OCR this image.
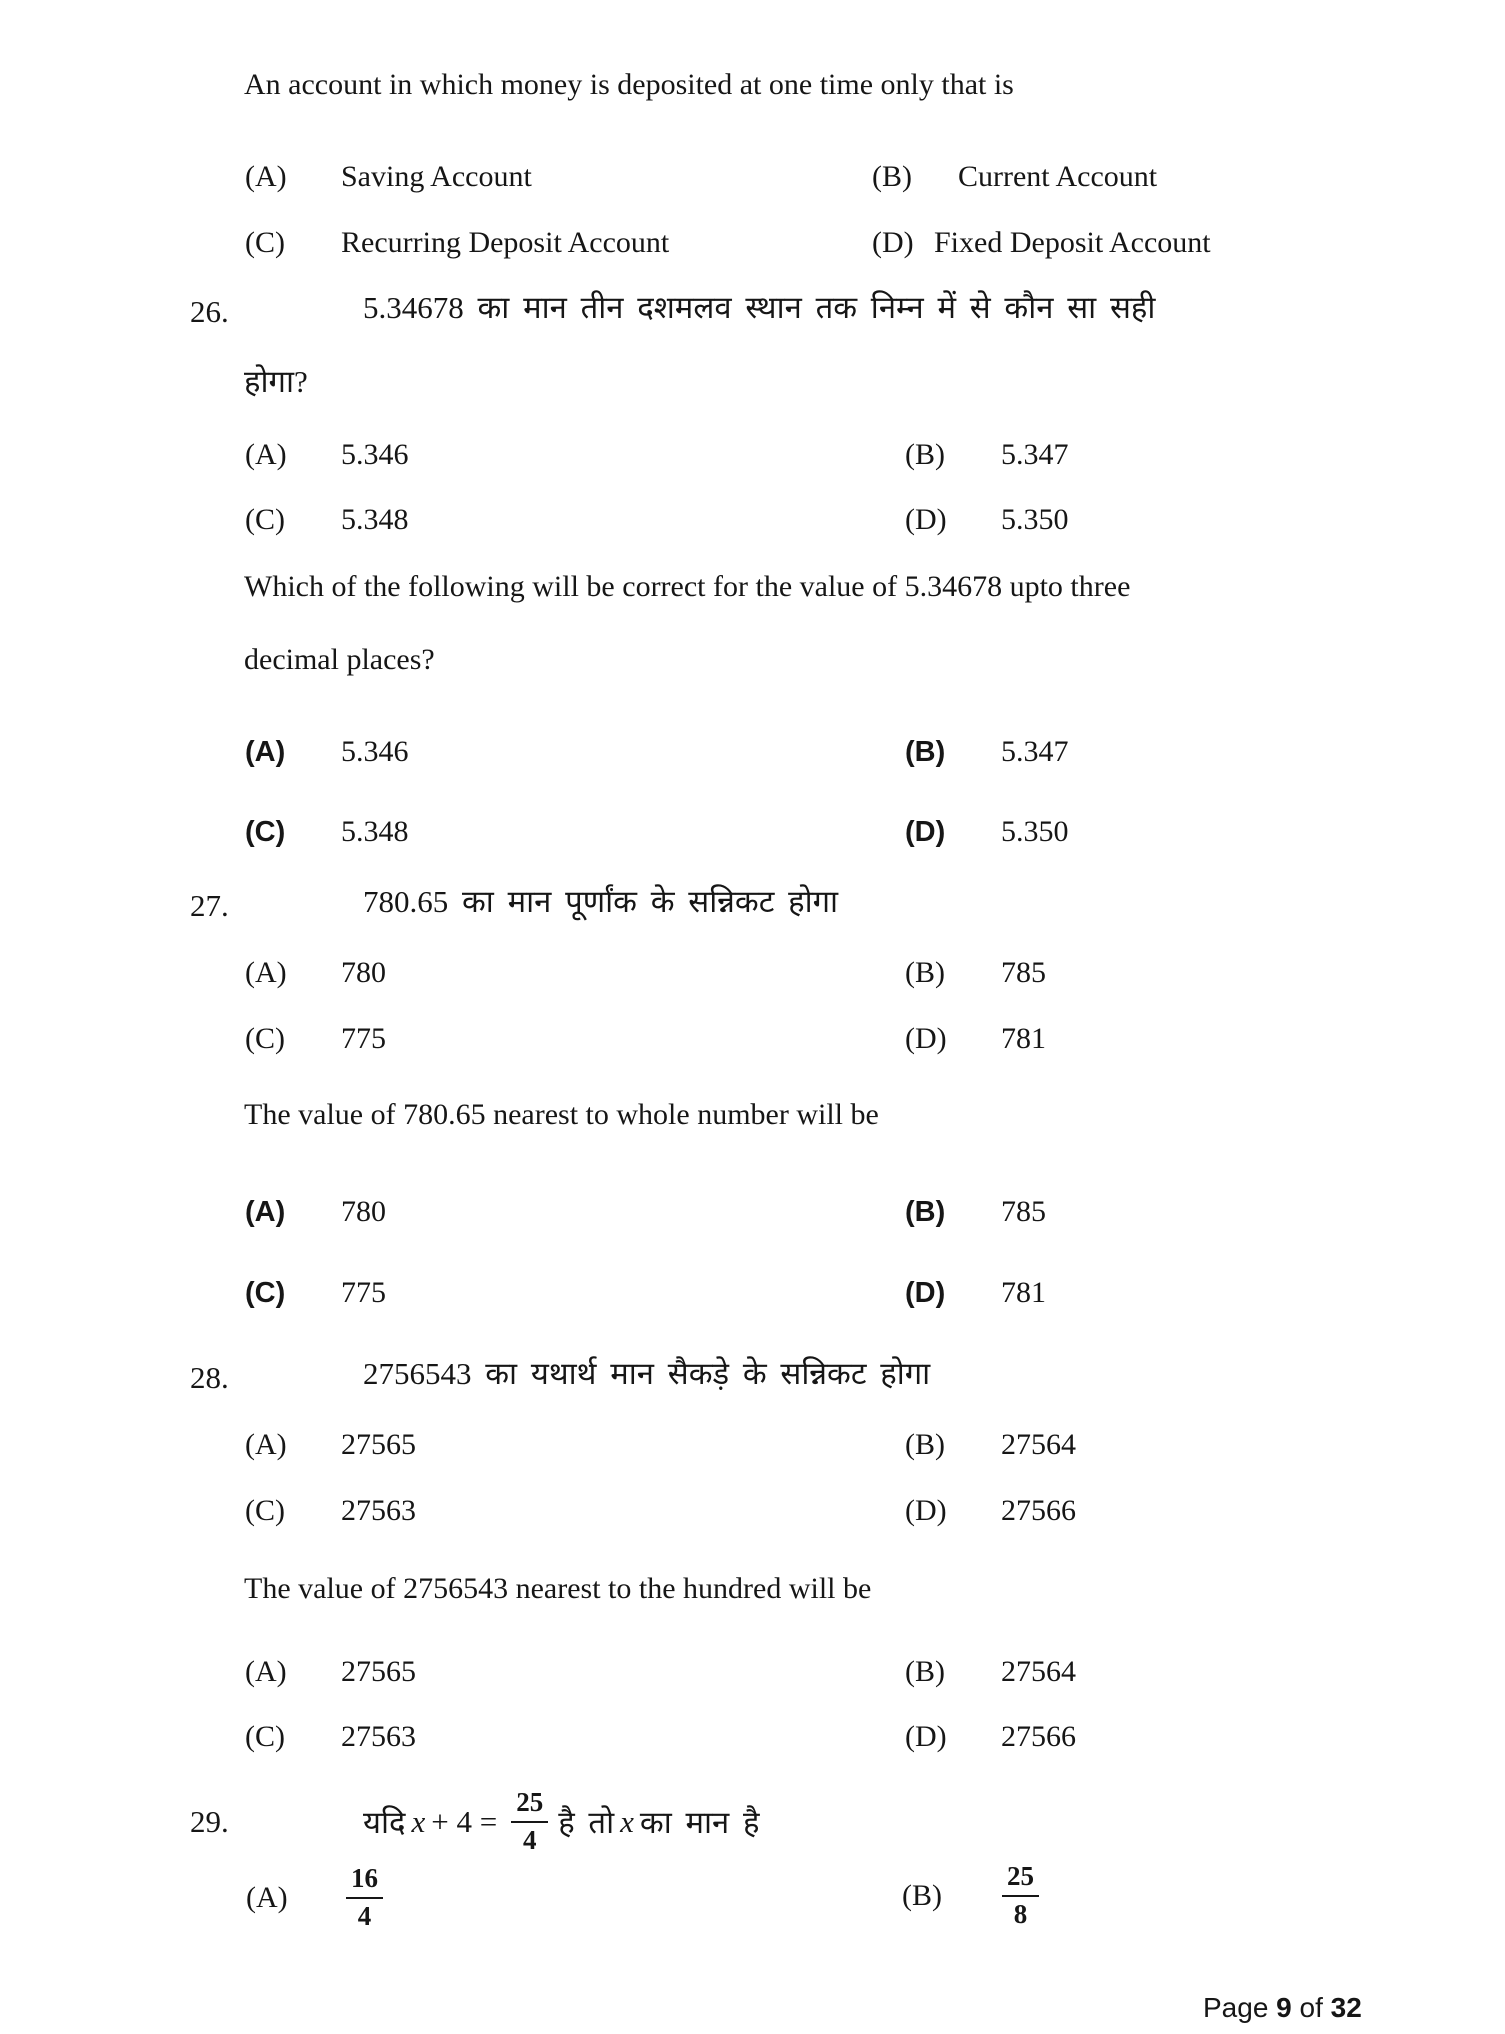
An account in which money is deposited at one time only that is
(A) Saving Account	(B) Current Account
(C) Recurring Deposit Account	(D) Fixed Deposit Account
26.	5.34678 का मान तीन दशमलव स्थान तक निम्न में से कौन सा सही
होगा?
(A) 5.346	(B) 5.347
(C) 5.348	(D) 5.350
Which of the following will be correct for the value of 5.34678 upto three
decimal places?
(A) 5.346	(B) 5.347
(C) 5.348	(D) 5.350
27.	780.65 का मान पूर्णांक के सन्निकट होगा
(A) 780	(B) 785
(C) 775	(D) 781
The value of 780.65 nearest to whole number will be
(A) 780	(B) 785
(C) 775	(D) 781
28.	2756543 का यथार्थ मान सैकड़े के सन्निकट होगा
(A) 27565	(B) 27564
(C) 27563	(D) 27566
The value of 2756543 nearest to the hundred will be
(A) 27565	(B) 27564
(C) 27563	(D) 27566
29.	यदि $x + 4 = \frac{25}{4}$ है तो x का मान है
(A)	$\frac{16}{4}$	(B)	$\frac{25}{8}$
Page 9 of 32
